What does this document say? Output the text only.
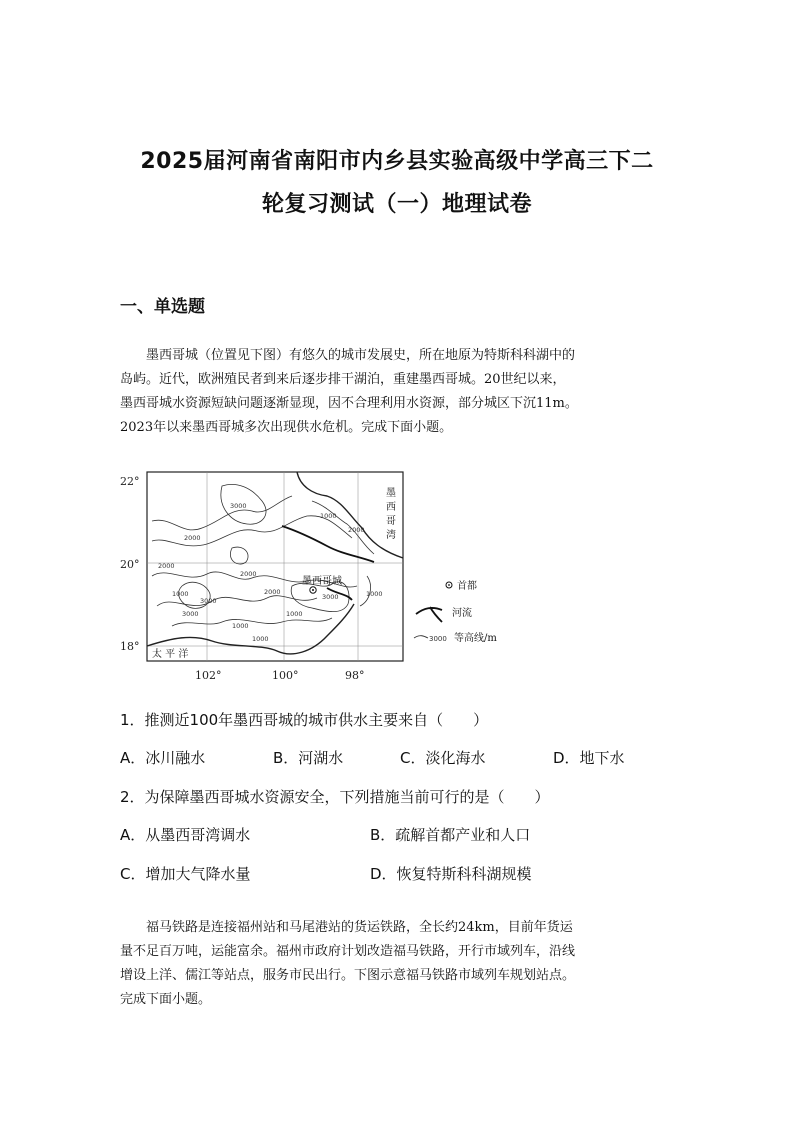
2025届河南省南阳市内乡县实验高级中学高三下二
轮复习测试（一）地理试卷
一、单选题
墨西哥城（位置见下图）有悠久的城市发展史，所在地原为特斯科科湖中的
岛屿。近代，欧洲殖民者到来后逐步排干湖泊，重建墨西哥城。20世纪以来，
墨西哥城水资源短缺问题逐渐显现，因不合理利用水资源，部分城区下沉11m。
2023年以来墨西哥城多次出现供水危机。完成下面小题。
22°
20°
18°
102°	100°	98°
3000
2000
1000
2000
2000
1000	2000
3000
1000
3000
1000
1000
2000
1000
墨西哥城
3000
墨
西
哥
湾
太 平 洋
首都
河流
3000 等高线/m
1．推测近100年墨西哥城的城市供水主要来自（　　）
A．冰川融水	B．河湖水	C．淡化海水	D．地下水
2．为保障墨西哥城水资源安全，下列措施当前可行的是（　　）
A．从墨西哥湾调水	B．疏解首都产业和人口
C．增加大气降水量	D．恢复特斯科科湖规模
福马铁路是连接福州站和马尾港站的货运铁路，全长约24km，目前年货运
量不足百万吨，运能富余。福州市政府计划改造福马铁路，开行市域列车，沿线
增设上洋、儒江等站点，服务市民出行。下图示意福马铁路市域列车规划站点。
完成下面小题。
